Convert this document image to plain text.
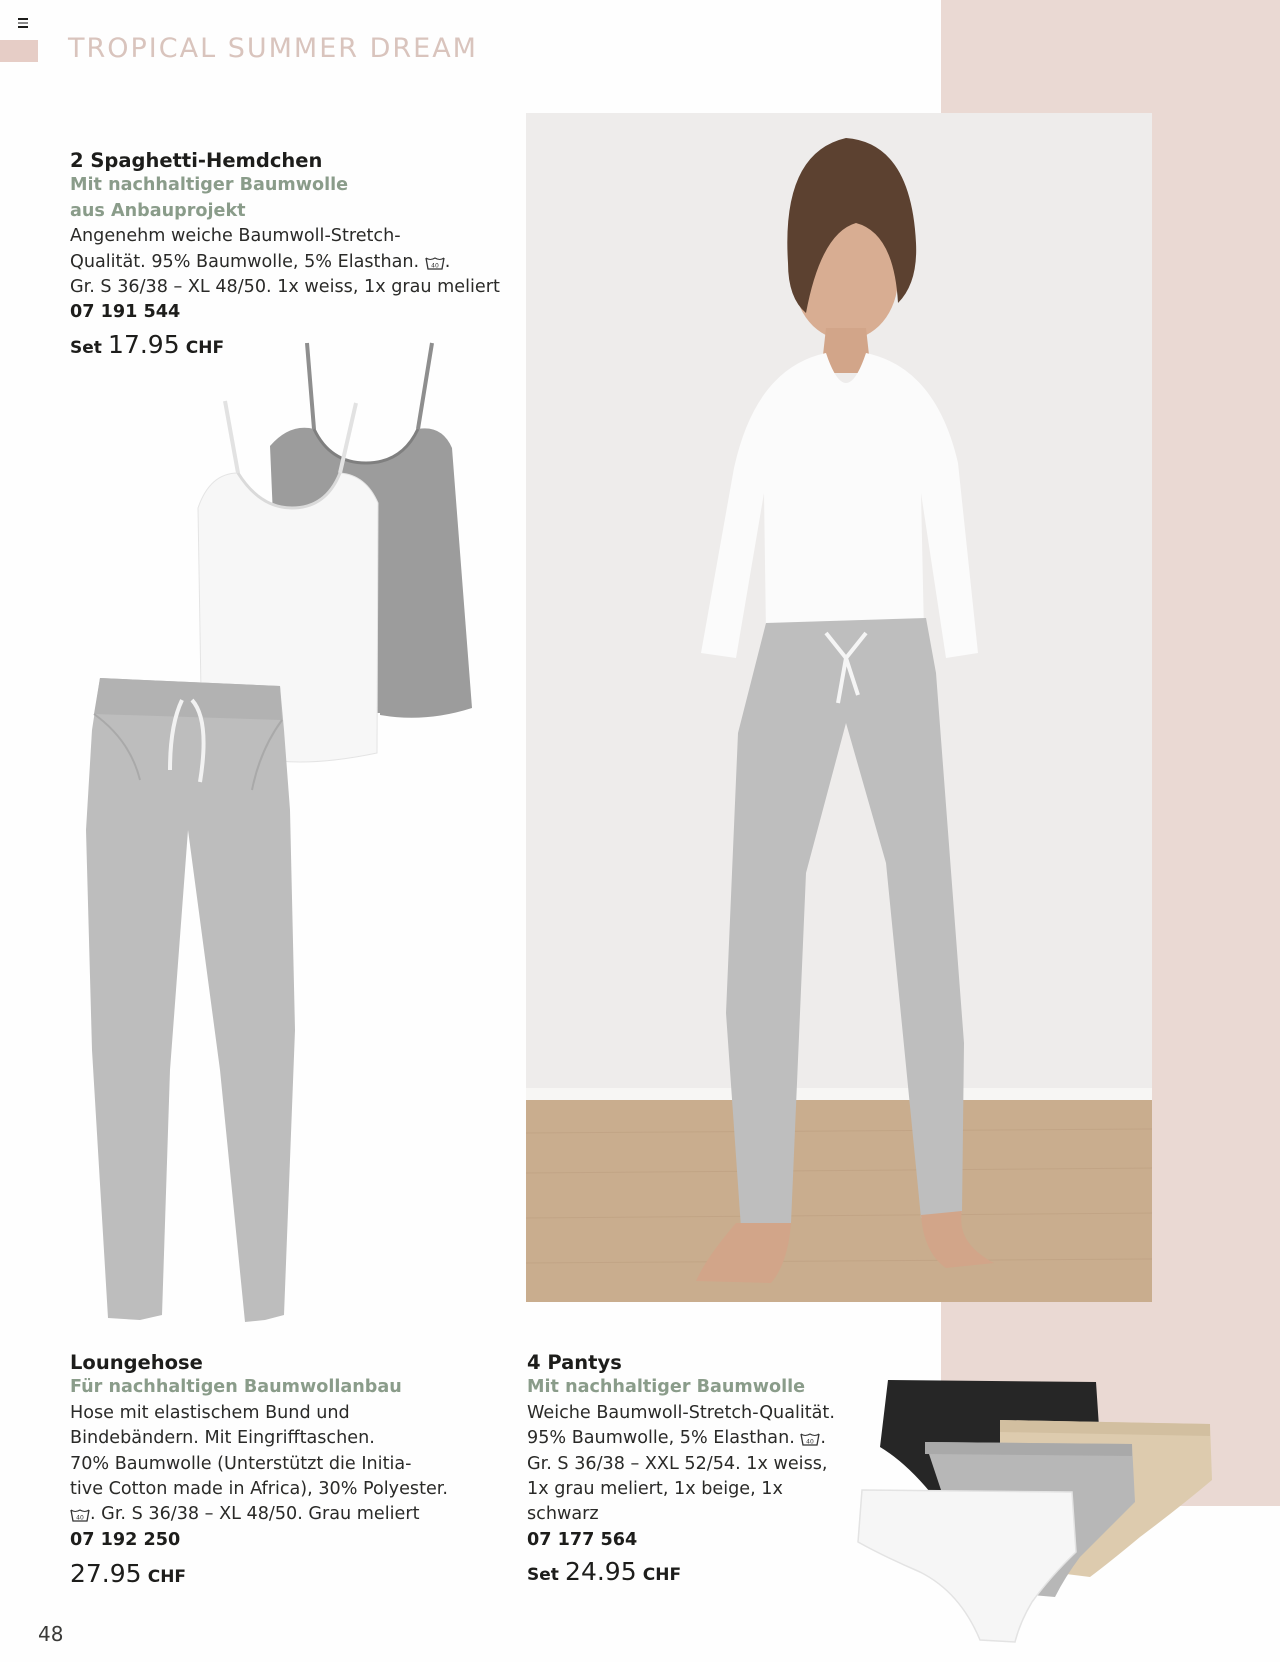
TROPICAL SUMMER DREAM
2 Spaghetti-Hemdchen
Mit nachhaltiger Baumwolle
aus Anbauprojekt
Angenehm weiche Baumwoll-Stretch-
Qualität. 95% Baumwolle, 5% Elasthan. 40 .
Gr. S 36/38 – XL 48/50. 1x weiss, 1x grau meliert
07 191 544
Set 17.95 CHF
Loungehose
Für nachhaltigen Baumwollanbau
Hose mit elastischem Bund und
Bindebändern. Mit Eingrifftaschen.
70% Baumwolle (Unterstützt die Initia-
tive Cotton made in Africa), 30% Polyester.
40 . Gr. S 36/38 – XL 48/50. Grau meliert
07 192 250
27.95 CHF
4 Pantys
Mit nachhaltiger Baumwolle
Weiche Baumwoll-Stretch-Qualität.
95% Baumwolle, 5% Elasthan. 40 .
Gr. S 36/38 – XXL 52/54. 1x weiss,
1x grau meliert, 1x beige, 1x schwarz
07 177 564
Set 24.95 CHF
48
